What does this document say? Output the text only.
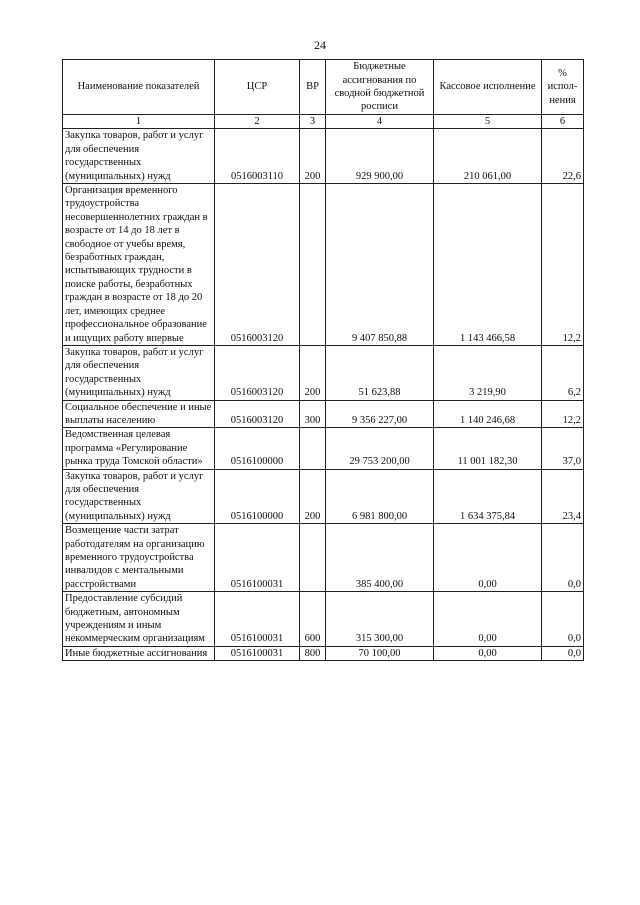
24
Наименование показателей	ЦСР	ВР	Бюджетные ассигнования по сводной бюджетной росписи	Кассовое исполнение	% испол-нения
1	2	3	4	5	6
Закупка товаров, работ и услуг для обеспечения государственных (муниципальных) нужд	0516003110	200	929 900,00	210 061,00	22,6
Организация временного трудоустройства несовершеннолетних граждан в возрасте от 14 до 18 лет в свободное от учебы время, безработных граждан, испытывающих трудности в поиске работы, безработных граждан в возрасте от 18 до 20 лет, имеющих среднее профессиональное образование и ищущих работу впервые	0516003120		9 407 850,88	1 143 466,58	12,2
Закупка товаров, работ и услуг для обеспечения государственных (муниципальных) нужд	0516003120	200	51 623,88	3 219,90	6,2
Социальное обеспечение и иные выплаты населению	0516003120	300	9 356 227,00	1 140 246,68	12,2
Ведомственная целевая программа «Регулирование рынка труда Томской области»	0516100000		29 753 200,00	11 001 182,30	37,0
Закупка товаров, работ и услуг для обеспечения государственных (муниципальных) нужд	0516100000	200	6 981 800,00	1 634 375,84	23,4
Возмещение части затрат работодателям на организацию временного трудоустройства инвалидов с ментальными расстройствами	0516100031		385 400,00	0,00	0,0
Предоставление субсидий бюджетным, автономным учреждениям и иным некоммерческим организациям	0516100031	600	315 300,00	0,00	0,0
Иные бюджетные ассигнования	0516100031	800	70 100,00	0,00	0,0
